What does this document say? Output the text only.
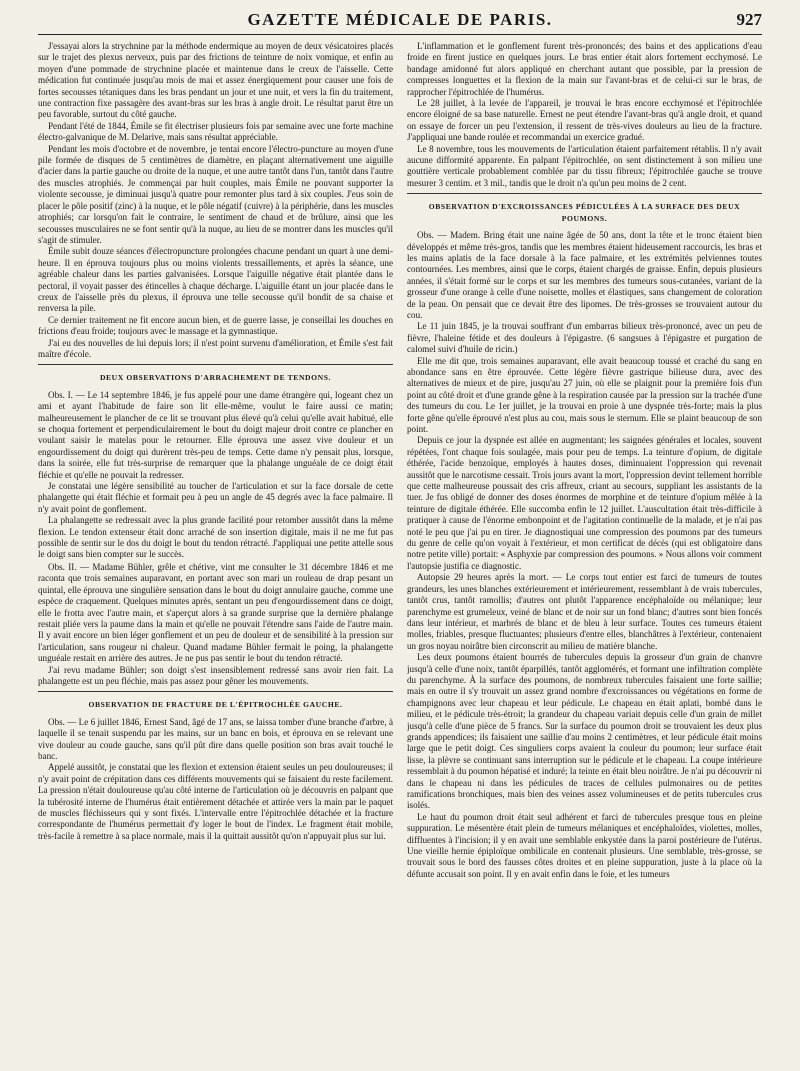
GAZETTE MÉDICALE DE PARIS.	927

J'essayai alors la strychnine par la méthode endermique au moyen de deux vésicatoires placés sur le trajet des plexus nerveux, puis par des frictions de teinture de noix vomique, et enfin au moyen d'une pommade de strychnine placée et maintenue dans le creux de l'aisselle. Cette médication fut continuée jusqu'au mois de mai et assez énergiquement pour causer une fois de fortes secousses tétaniques dans les bras pendant un jour et une nuit, et vers la fin du traitement, une contraction fixe passagère des avant-bras sur les bras à angle droit. Le résultat parut être un peu favorable, surtout du côté gauche.

Pendant l'été de 1844, Émile se fit électriser plusieurs fois par semaine avec une forte machine électro-galvanique de M. Delarive, mais sans résultat appréciable.

Pendant les mois d'octobre et de novembre, je tentai encore l'électro-puncture au moyen d'une pile formée de disques de 5 centimètres de diamètre, en plaçant alternativement une aiguille d'acier dans la partie gauche ou droite de la nuque, et une autre tantôt dans l'un, tantôt dans l'autre des muscles atrophiés. Je commençai par huit couples, mais Émile ne pouvant supporter la violente secousse, je diminuai jusqu'à quatre pour remonter plus tard à six couples. J'eus soin de placer le pôle positif (zinc) à la nuque, et le pôle négatif (cuivre) à la périphérie, dans les muscles atrophiés; car lorsqu'on fait le contraire, le sentiment de chaud et de brûlure, ainsi que les secousses musculaires ne se font sentir qu'à la nuque, au lieu de se montrer dans les muscles qu'il s'agit de stimuler.

Émile subit douze séances d'électropuncture prolongées chacune pendant un quart à une demi-heure. Il en éprouva toujours plus ou moins violents tressaillements, et après la séance, une agréable chaleur dans les parties galvanisées. Lorsque l'aiguille négative était plantée dans le pectoral, il voyait passer des étincelles à chaque décharge. L'aiguille étant un jour placée dans le creux de l'aisselle près du plexus, il éprouva une telle secousse qu'il bondit de sa chaise et renversa la pile.

Ce dernier traitement ne fit encore aucun bien, et de guerre lasse, je conseillai les douches en frictions d'eau froide; toujours avec le massage et la gymnastique.

J'ai eu des nouvelles de lui depuis lors; il n'est point survenu d'amélioration, et Émile s'est fait maître d'école.

DEUX OBSERVATIONS D'ARRACHEMENT DE TENDONS.

Obs. I. — Le 14 septembre 1846, je fus appelé pour une dame étrangère qui, logeant chez un ami et ayant l'habitude de faire son lit elle-même, voulut le faire aussi ce matin; malheureusement le plancher de ce lit se trouvant plus élevé qu'à celui qu'elle avait habitué, elle se choqua fortement et perpendiculairement le bout du doigt majeur droit contre ce plancher en voulant saisir le matelas pour le retourner. Elle éprouva une assez vive douleur et un engourdissement du doigt qui durèrent très-peu de temps. Cette dame n'y pensait plus, lorsque, dans la soirée, elle fut très-surprise de remarquer que la phalange unguéale de ce doigt était fléchie et qu'elle ne pouvait la redresser.

Je constatai une légère sensibilité au toucher de l'articulation et sur la face dorsale de cette phalangette qui était fléchie et formait peu à peu un angle de 45 degrés avec la face palmaire. Il n'y avait point de gonflement.

La phalangette se redressait avec la plus grande facilité pour retomber aussitôt dans la même flexion. Le tendon extenseur était donc arraché de son insertion digitale, mais il ne me fut pas possible de sentir sur le dos du doigt le bout du tendon rétracté. J'appliquai une petite attelle sous le doigt sans bien compter sur le succès.

Obs. II. — Madame Bühler, grêle et chétive, vint me consulter le 31 décembre 1846 et me raconta que trois semaines auparavant, en portant avec son mari un rouleau de drap pesant un quintal, elle éprouva une singulière sensation dans le bout du doigt annulaire gauche, comme une espèce de craquement. Quelques minutes après, sentant un peu d'engourdissement dans ce doigt, elle le frotta avec l'autre main, et s'aperçut alors à sa grande surprise que la dernière phalange restait pliée vers la paume dans la main et qu'elle ne pouvait l'étendre sans l'aide de l'autre main. Il y avait encore un bien léger gonflement et un peu de douleur et de sensibilité à la pression sur l'articulation, sans rougeur ni chaleur. Quand madame Bühler fermait le poing, la phalangette unguéale restait en arrière des autres. Je ne pus pas sentir le bout du tendon rétracté.

J'ai revu madame Bühler; son doigt s'est insensiblement redressé sans avoir rien fait. La phalangette est un peu fléchie, mais pas assez pour gêner les mouvements.

OBSERVATION DE FRACTURE DE L'ÉPITROCHLÉE GAUCHE.

Obs. — Le 6 juillet 1846, Ernest Sand, âgé de 17 ans, se laissa tomber d'une branche d'arbre, à laquelle il se tenait suspendu par les mains, sur un banc en bois, et éprouva en se relevant une vive douleur au coude gauche, sans qu'il pût dire dans quelle position son bras avait touché le banc.

Appelé aussitôt, je constatai que les flexion et extension étaient seules un peu douloureuses; il n'y avait point de crépitation dans ces différents mouvements qui se faisaient du reste facilement. La pression n'était douloureuse qu'au côté interne de l'articulation où je découvris en palpant que la tubérosité interne de l'humérus était entièrement détachée et attirée vers la main par le paquet de muscles fléchisseurs qui y sont fixés. L'intervalle entre l'épitrochlée détachée et la fracture correspondante de l'humérus permettait d'y loger le bout de l'index. Le fragment était mobile, très-facile à remettre à sa place normale, mais il la quittait aussitôt qu'on n'appuyait plus sur lui.

L'inflammation et le gonflement furent très-prononcés; des bains et des applications d'eau froide en firent justice en quelques jours. Le bras entier était alors fortement ecchymosé. Le bandage amidonné fut alors appliqué en cherchant autant que possible, par la pression de compresses longuettes et la flexion de la main sur l'avant-bras et de celui-ci sur le bras, de rapprocher l'épitrochlée de l'humérus.

Le 28 juillet, à la levée de l'appareil, je trouvai le bras encore ecchymosé et l'épitrochlée encore éloigné de sa base naturelle. Ernest ne peut étendre l'avant-bras qu'à angle droit, et quand on essaye de forcer un peu l'extension, il ressent de très-vives douleurs au lieu de la fracture. J'appliquai une bande roulée et recommandai un exercice gradué.

Le 8 novembre, tous les mouvements de l'articulation étaient parfaitement rétablis. Il n'y avait aucune difformité apparente. En palpant l'épitrochlée, on sent distinctement à son milieu une gouttière verticale probablement comblée par du tissu fibreux; l'épitrochlée gauche se trouve mesurer 3 centim. et 3 mil., tandis que le droit n'a qu'un peu moins de 2 cent.

OBSERVATION D'EXCROISSANCES PÉDICULÉES À LA SURFACE DES DEUX POUMONS.

Obs. — Madem. Bring était une naine âgée de 50 ans, dont la tête et le tronc étaient bien développés et même très-gros, tandis que les membres étaient hideusement raccourcis, les bras et les mains aplatis de la face dorsale à la face palmaire, et les extrémités pelviennes toutes contournées. Les membres, ainsi que le corps, étaient chargés de graisse. Enfin, depuis plusieurs années, il s'était formé sur le corps et sur les membres des tumeurs sous-cutanées, variant de la grosseur d'une orange à celle d'une noisette, molles et élastiques, sans changement de coloration de la peau. On pensait que ce devait être des lipomes. De très-grosses se trouvaient autour du cou.

Le 11 juin 1845, je la trouvai souffrant d'un embarras bilieux très-prononcé, avec un peu de fièvre, l'haleine fétide et des douleurs à l'épigastre. (6 sangsues à l'épigastre et purgation de calomel suivi d'huile de ricin.)

Elle me dit que, trois semaines auparavant, elle avait beaucoup toussé et craché du sang en abondance sans en être éprouvée. Cette légère fièvre gastrique bilieuse dura, avec des alternatives de mieux et de pire, jusqu'au 27 juin, où elle se plaignit pour la première fois d'un point au côté droit et d'une grande gêne à la respiration causée par la pression sur la trachée d'une des tumeurs du cou. Le 1er juillet, je la trouvai en proie à une dyspnée très-forte; mais la plus forte gêne qu'elle éprouvé n'est plus au cou, mais sous le sternum. Elle se plaint beaucoup de son point.

Depuis ce jour la dyspnée est allée en augmentant; les saignées générales et locales, souvent répétées, l'ont chaque fois soulagée, mais pour peu de temps. La teinture d'opium, de digitale éthérée, l'acide benzoïque, employés à hautes doses, diminuaient l'oppression qui revenait aussitôt que le narcotisme cessait. Trois jours avant la mort, l'oppression devint tellement horrible que cette malheureuse poussait des cris affreux, criant au secours, suppliant les assistants de la tuer. Je fus obligé de donner des doses énormes de morphine et de teinture d'opium mêlée à la teinture de digitale éthérée. Elle succomba enfin le 12 juillet. L'auscultation était très-difficile à pratiquer à cause de l'énorme embonpoint et de l'agitation continuelle de la malade, et je n'ai pas noté le peu que j'ai pu en tirer. Je diagnostiquai une compression des poumons par des tumeurs du genre de celle qu'on voyait à l'extérieur, et mon certificat de décès (qui est obligatoire dans notre petite ville) portait: « Asphyxie par compression des poumons. » Nous allons voir comment l'autopsie justifia ce diagnostic.

Autopsie 29 heures après la mort. — Le corps tout entier est farci de tumeurs de toutes grandeurs, les unes blanches extérieurement et intérieurement, ressemblant à de vrais tubercules, tantôt crus, tantôt ramollis; d'autres ont plutôt l'apparence encéphaloïde ou mélanique; leur parenchyme est grumeleux, veiné de blanc et de noir sur un fond blanc; d'autres sont bien foncés dans leur intérieur, et marbrés de blanc et de bleu à leur surface. Toutes ces tumeurs étaient molles, friables, presque fluctuantes; plusieurs d'entre elles, blanchâtres à l'extérieur, contenaient un gros noyau noirâtre bien circonscrit au milieu de matière blanche.

Les deux poumons étaient bourrés de tubercules depuis la grosseur d'un grain de chanvre jusqu'à celle d'une noix, tantôt éparpillés, tantôt agglomérés, et formant une infiltration complète du parenchyme. À la surface des poumons, de nombreux tubercules faisaient une forte saillie; mais en outre il s'y trouvait un assez grand nombre d'excroissances ou végétations en forme de champignons avec leur chapeau et leur pédicule. Le chapeau en était aplati, bombé dans le milieu, et le pédicule très-étroit; la grandeur du chapeau variait depuis celle d'un grain de millet jusqu'à celle d'une pièce de 5 francs. Sur la surface du poumon droit se trouvaient les deux plus grands appendices; ils faisaient une saillie d'au moins 2 centimètres, et leur pédicule était moins large que le petit doigt. Ces singuliers corps avaient la couleur du poumon; leur surface était lisse, la plèvre se continuant sans interruption sur le pédicule et le chapeau. La coupe intérieure ressemblait à du poumon hépatisé et induré; la teinte en était bleu noirâtre. Je n'ai pu découvrir ni dans le chapeau ni dans les pédicules de traces de cellules pulmonaires ou de petites ramifications bronchiques, mais bien des veines assez volumineuses et de petits tubercules crus isolés.

Le haut du poumon droit était seul adhérent et farci de tubercules presque tous en pleine suppuration. Le mésentère était plein de tumeurs mélaniques et encéphaloïdes, violettes, molles, diffluentes à l'incision; il y en avait une semblable enkystée dans la paroi postérieure de l'utérus. Une vieille hernie épiploïque ombilicale en contenait plusieurs. Une semblable, très-grosse, se trouvait sous le bord des fausses côtes droites et en pleine suppuration, juste à la place où la défunte accusait son point. Il y en avait enfin dans le foie, et les tumeurs
